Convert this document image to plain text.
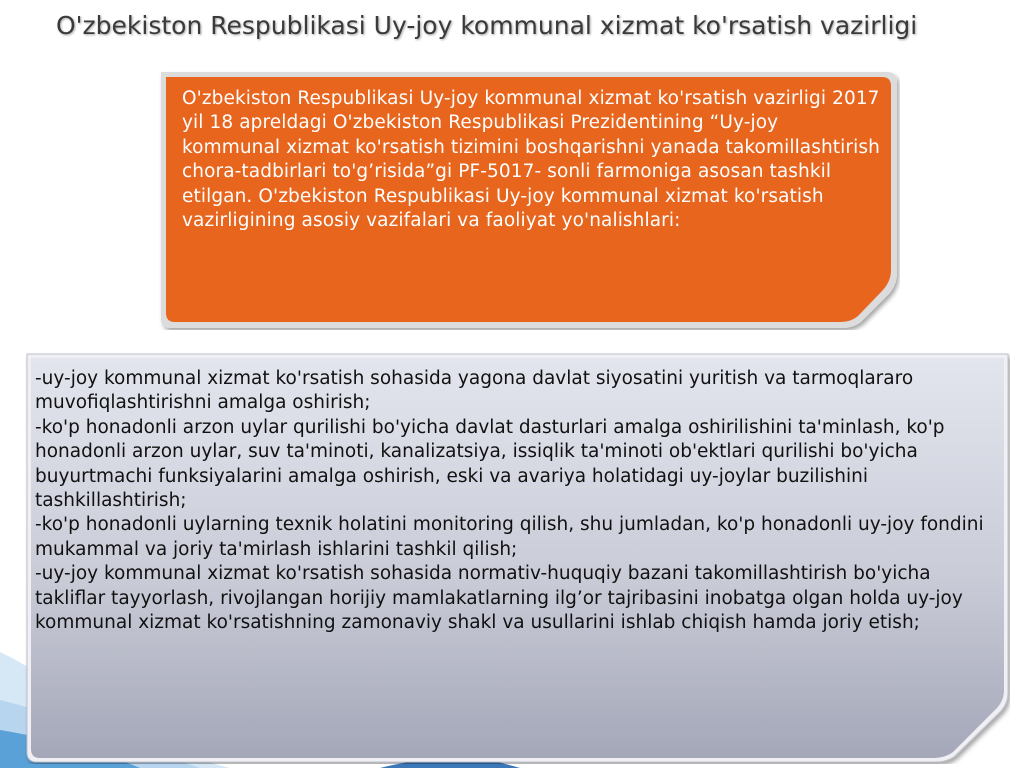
O'zbekiston Respublikasi Uy-joy kommunal xizmat ko'rsatish vazirligi
O'zbekiston Respublikasi Uy-joy kommunal xizmat ko'rsatish vazirligi 2017 yil 18 apreldagi O'zbekiston Respublikasi Prezidentining “Uy-joy kommunal xizmat ko'rsatish tizimini boshqarishni yanada takomillashtirish chora-tadbirlari to'g’risida”gi PF-5017- sonli farmoniga asosan tashkil etilgan. O'zbekiston Respublikasi Uy-joy kommunal xizmat ko'rsatish vazirligining asosiy vazifalari va faoliyat yo'nalishlari:

-uy-joy kommunal xizmat ko'rsatish sohasida yagona davlat siyosatini yuritish va tarmoqlararo muvofiqlashtirishni amalga oshirish;

-ko'p honadonli arzon uylar qurilishi bo'yicha davlat dasturlari amalga oshirilishini ta'minlash, ko'p honadonli arzon uylar, suv ta'minoti, kanalizatsiya, issiqlik ta'minoti ob'ektlari qurilishi bo'yicha buyurtmachi funksiyalarini amalga oshirish, eski va avariya holatidagi uy-joylar buzilishini tashkillashtirish;

-ko'p honadonli uylarning texnik holatini monitoring qilish, shu jumladan, ko'p honadonli uy-joy fondini mukammal va joriy ta'mirlash ishlarini tashkil qilish;

-uy-joy kommunal xizmat ko'rsatish sohasida normativ-huquqiy bazani takomillashtirish bo'yicha takliflar tayyorlash, rivojlangan horijiy mamlakatlarning ilg’or tajribasini inobatga olgan holda uy-joy kommunal xizmat ko'rsatishning zamonaviy shakl va usullarini ishlab chiqish hamda joriy etish;
